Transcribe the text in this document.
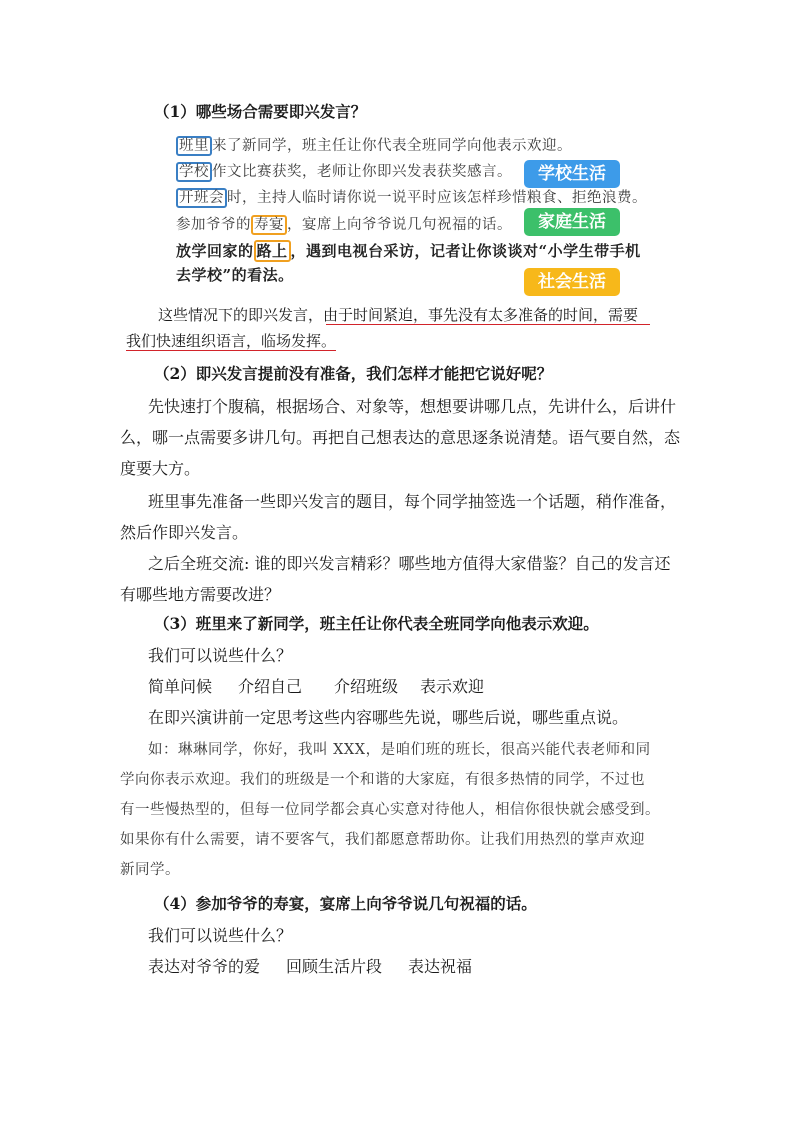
（1）哪些场合需要即兴发言？
班里 来了新同学，班主任让你代表全班同学向他表示欢迎。
学校 作文比赛获奖，老师让你即兴发表获奖感言。
开班会 时，主持人临时请你说一说平时应该怎样珍惜粮食、拒绝浪费。
参加爷爷的 寿宴 ，宴席上向爷爷说几句祝福的话。
放学回家的 路上 ，遇到电视台采访，记者让你谈谈对“小学生带手机
去学校”的看法。
学校生活
家庭生活
社会生活
这些情况下的即兴发言，由于时间紧迫，事先没有太多准备的时间，需要
我们快速组织语言，临场发挥。
（2）即兴发言提前没有准备，我们怎样才能把它说好呢？
先快速打个腹稿，根据场合、对象等，想想要讲哪几点，先讲什么，后讲什
么，哪一点需要多讲几句。再把自己想表达的意思逐条说清楚。语气要自然，态
度要大方。
班里事先准备一些即兴发言的题目，每个同学抽签选一个话题，稍作准备，
然后作即兴发言。
之后全班交流: 谁的即兴发言精彩？哪些地方值得大家借鉴？自己的发言还
有哪些地方需要改进？
（3）班里来了新同学，班主任让你代表全班同学向他表示欢迎。
我们可以说些什么？
简单问候 介绍自己 介绍班级 表示欢迎
在即兴演讲前一定思考这些内容哪些先说，哪些后说，哪些重点说。
如：琳琳同学，你好，我叫 XXX，是咱们班的班长，很高兴能代表老师和同
学向你表示欢迎。我们的班级是一个和谐的大家庭，有很多热情的同学，不过也
有一些慢热型的，但每一位同学都会真心实意对待他人，相信你很快就会感受到。
如果你有什么需要，请不要客气，我们都愿意帮助你。让我们用热烈的掌声欢迎
新同学。
（4）参加爷爷的寿宴，宴席上向爷爷说几句祝福的话。
我们可以说些什么？
表达对爷爷的爱 回顾生活片段 表达祝福
